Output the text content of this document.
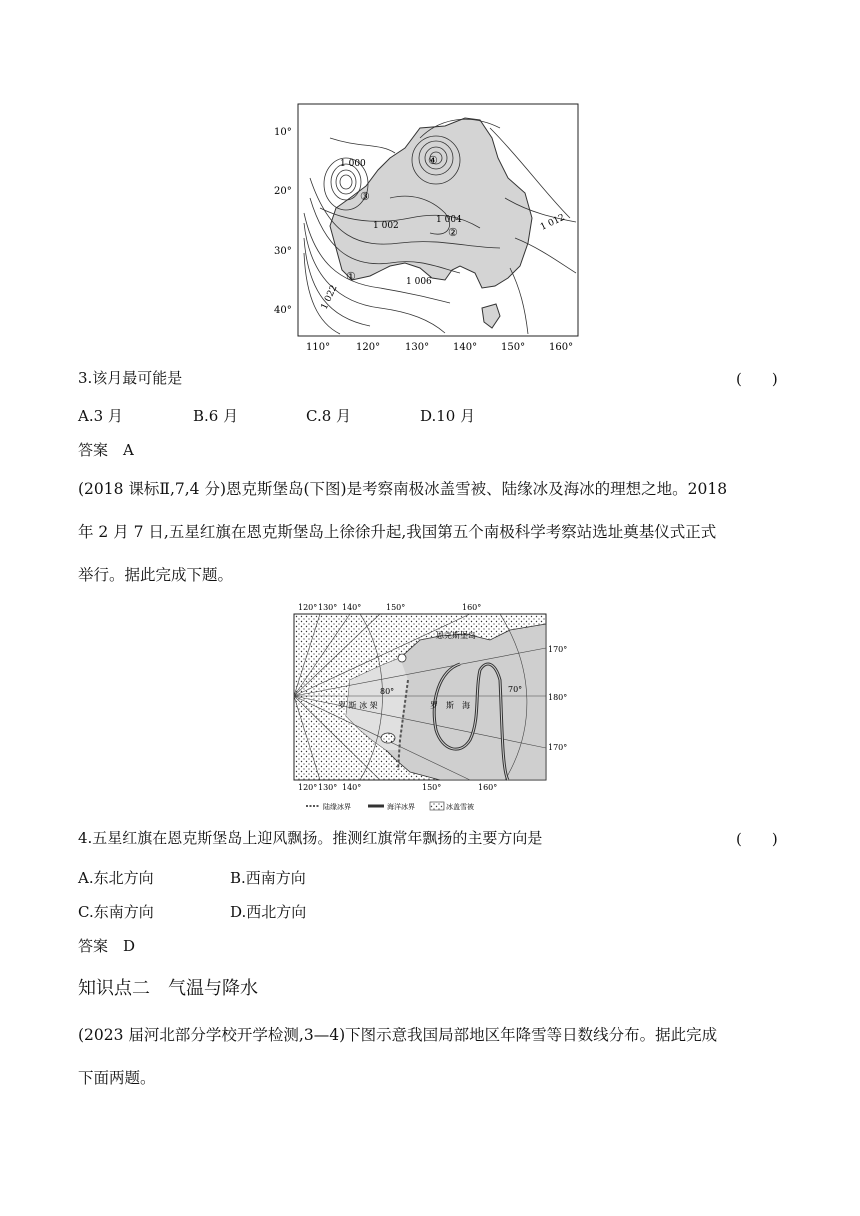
10°
20°
30°
40°
110°	120° 130° 140° 150° 160°
1 000
1 002
1 004
1 006
1 012
1 022
①
②
③
④
3.该月最可能是	(　　)
A.3 月	B.6 月	C.8 月	D.10 月
答案　A
(2018 课标Ⅱ,7,4 分)恩克斯堡岛(下图)是考察南极冰盖雪被、陆缘冰及海冰的理想之地。2018
年 2 月 7 日,五星红旗在恩克斯堡岛上徐徐升起,我国第五个南极科学考察站选址奠基仪式正式
举行。据此完成下题。
120° 130° 140°	150°	160°
恩克斯堡岛
罗 斯 冰 架	罗　斯　海
80°	70°
170°
180°
170°
120° 130° 140°	150°	160°
陆缘冰界	海洋冰界	冰盖雪被
4.五星红旗在恩克斯堡岛上迎风飘扬。推测红旗常年飘扬的主要方向是	(　　)
A.东北方向	B.西南方向
C.东南方向	D.西北方向
答案　D
知识点二　气温与降水
(2023 届河北部分学校开学检测,3—4)下图示意我国局部地区年降雪等日数线分布。据此完成
下面两题。
